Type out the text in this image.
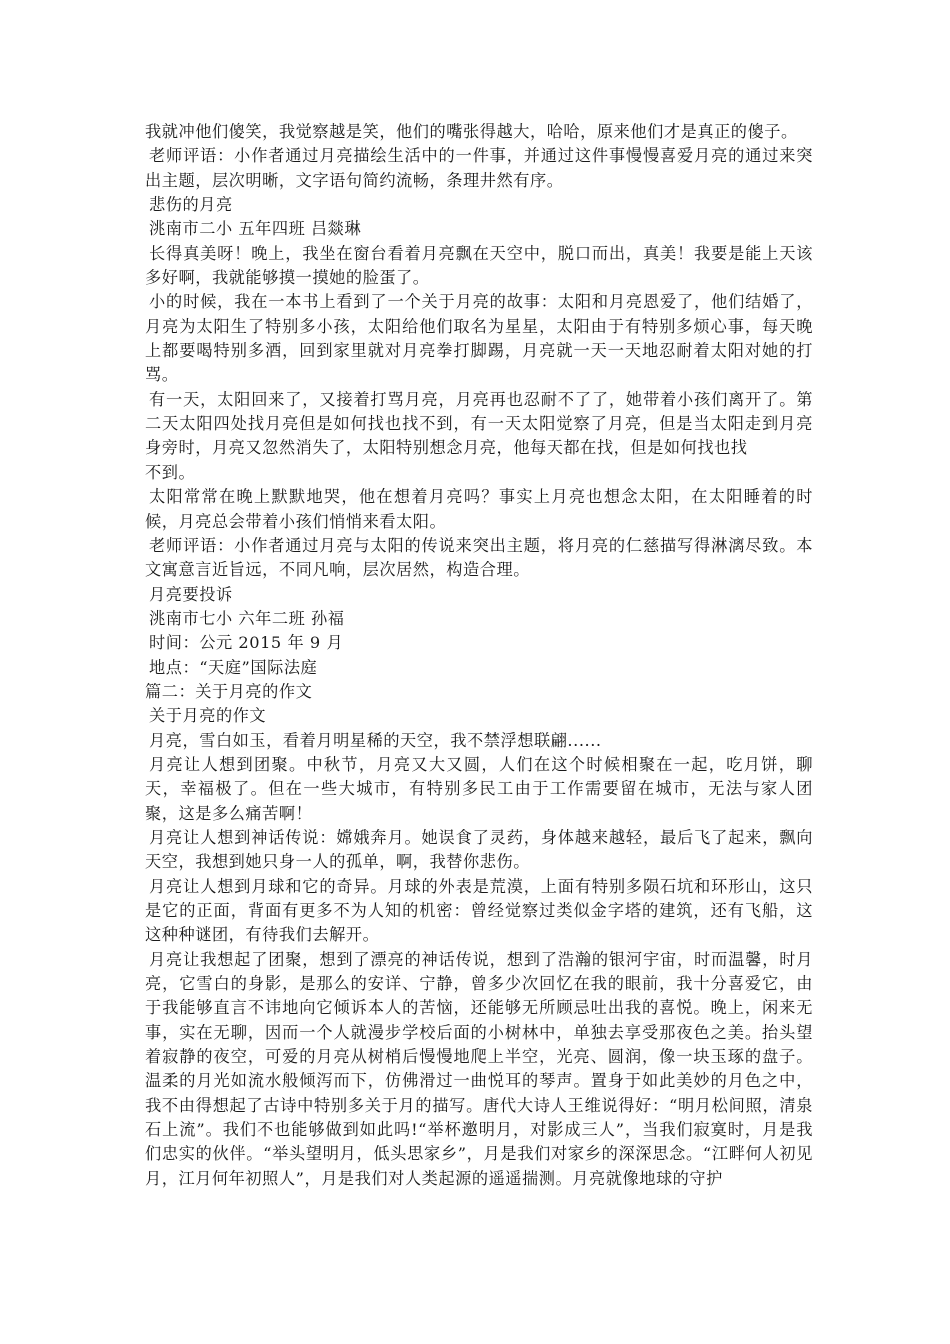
我就冲他们傻笑，我觉察越是笑，他们的嘴张得越大，哈哈，原来他们才是真正的傻子。

老师评语：小作者通过月亮描绘生活中的一件事，并通过这件事慢慢喜爱月亮的通过来突出主题，层次明晰，文字语句简约流畅，条理井然有序。

悲伤的月亮

洮南市二小 五年四班 吕燚琳

长得真美呀！晚上，我坐在窗台看着月亮飘在天空中，脱口而出，真美！我要是能上天该多好啊，我就能够摸一摸她的脸蛋了。

小的时候，我在一本书上看到了一个关于月亮的故事：太阳和月亮恩爱了，他们结婚了，月亮为太阳生了特别多小孩，太阳给他们取名为星星，太阳由于有特别多烦心事，每天晚上都要喝特别多酒，回到家里就对月亮拳打脚踢，月亮就一天一天地忍耐着太阳对她的打骂。

有一天，太阳回来了，又接着打骂月亮，月亮再也忍耐不了了，她带着小孩们离开了。第二天太阳四处找月亮但是如何找也找不到，有一天太阳觉察了月亮，但是当太阳走到月亮身旁时，月亮又忽然消失了，太阳特别想念月亮，他每天都在找，但是如何找也找

不到。

太阳常常在晚上默默地哭，他在想着月亮吗？事实上月亮也想念太阳，在太阳睡着的时候，月亮总会带着小孩们悄悄来看太阳。

老师评语：小作者通过月亮与太阳的传说来突出主题，将月亮的仁慈描写得淋漓尽致。本文寓意言近旨远，不同凡响，层次居然，构造合理。

月亮要投诉

洮南市七小 六年二班 孙福

时间：公元 2015 年 9 月

地点：“天庭”国际法庭

篇二：关于月亮的作文

关于月亮的作文

月亮，雪白如玉，看着月明星稀的天空，我不禁浮想联翩......

月亮让人想到团聚。中秋节，月亮又大又圆，人们在这个时候相聚在一起，吃月饼，聊天，幸福极了。但在一些大城市，有特别多民工由于工作需要留在城市，无法与家人团聚，这是多么痛苦啊！

月亮让人想到神话传说：嫦娥奔月。她误食了灵药，身体越来越轻，最后飞了起来，飘向天空，我想到她只身一人的孤单，啊，我替你悲伤。

月亮让人想到月球和它的奇异。月球的外表是荒漠，上面有特别多陨石坑和环形山，这只是它的正面，背面有更多不为人知的机密：曾经觉察过类似金字塔的建筑，还有飞船，这这种种谜团，有待我们去解开。

月亮让我想起了团聚，想到了漂亮的神话传说，想到了浩瀚的银河宇宙，时而温馨，时月亮，它雪白的身影，是那么的安详、宁静，曾多少次回忆在我的眼前，我十分喜爱它，由于我能够直言不讳地向它倾诉本人的苦恼，还能够无所顾忌吐出我的喜悦。晚上，闲来无事，实在无聊，因而一个人就漫步学校后面的小树林中，单独去享受那夜色之美。抬头望着寂静的夜空，可爱的月亮从树梢后慢慢地爬上半空，光亮、圆润，像一块玉琢的盘子。温柔的月光如流水般倾泻而下，仿佛滑过一曲悦耳的琴声。置身于如此美妙的月色之中，我不由得想起了古诗中特别多关于月的描写。唐代大诗人王维说得好：“明月松间照，清泉石上流”。我们不也能够做到如此吗!“举杯邀明月，对影成三人”，当我们寂寞时，月是我们忠实的伙伴。“举头望明月，低头思家乡”，月是我们对家乡的深深思念。“江畔何人初见月，江月何年初照人”，月是我们对人类起源的遥遥揣测。月亮就像地球的守护
